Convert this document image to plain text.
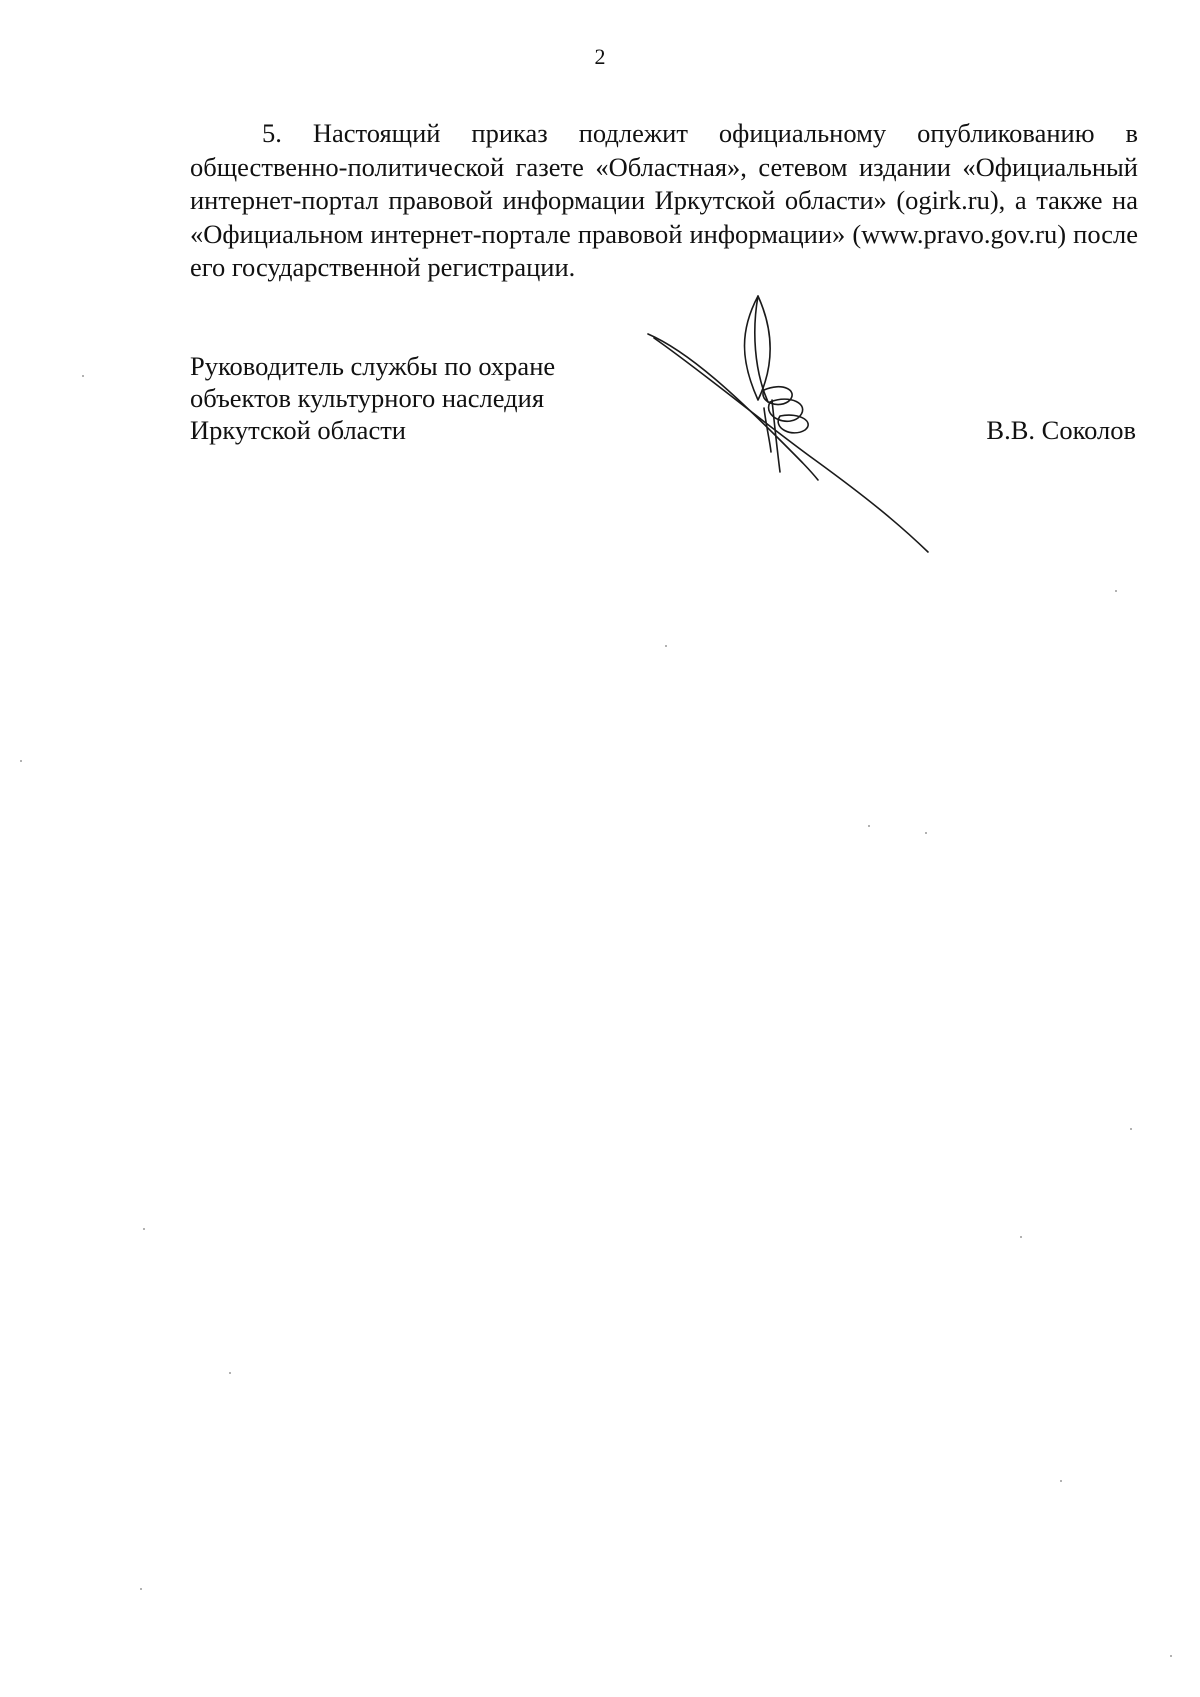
2

5. Настоящий приказ подлежит официальному опубликованию в общественно-политической газете «Областная», сетевом издании «Официальный интернет-портал правовой информации Иркутской области» (ogirk.ru), а также на «Официальном интернет-портале правовой информации» (www.pravo.gov.ru) после его государственной регистрации.

Руководитель службы по охране
объектов культурного наследия
Иркутской области	В.В. Соколов
